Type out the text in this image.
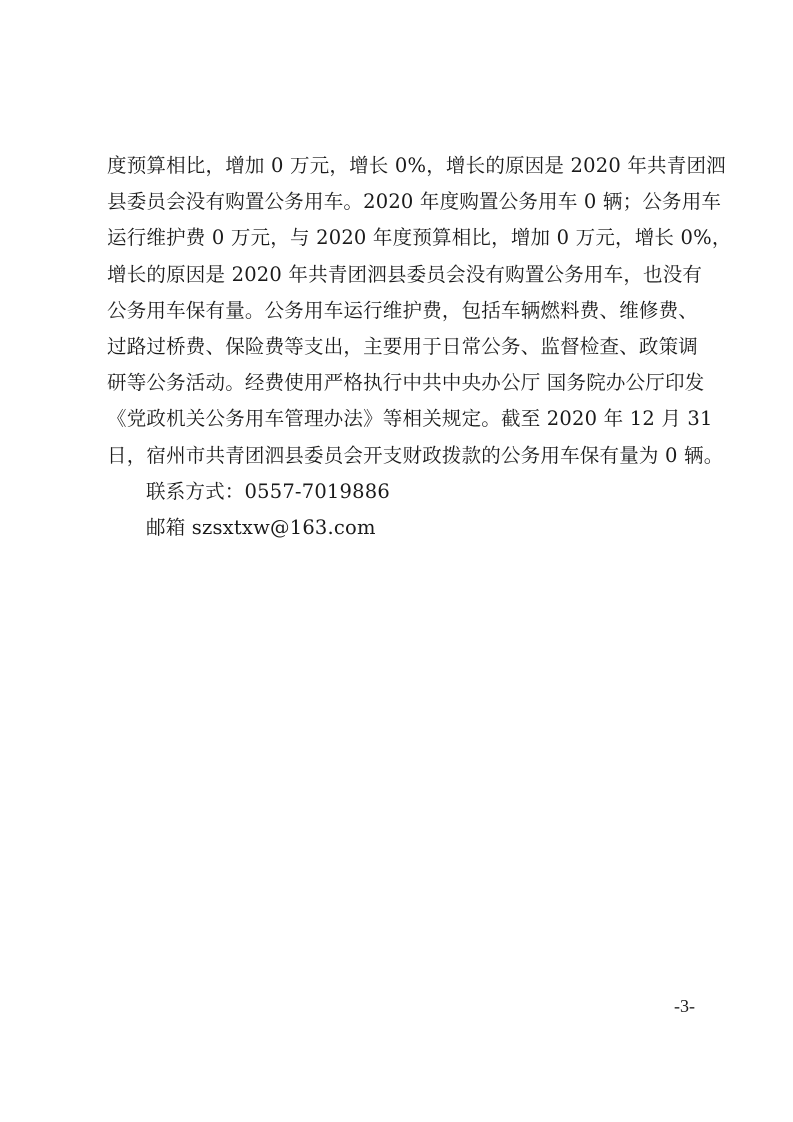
度预算相比，增加 0 万元，增长 0%，增长的原因是 2020 年共青团泗
县委员会没有购置公务用车。2020 年度购置公务用车 0 辆；公务用车
运行维护费 0 万元，与 2020 年度预算相比，增加 0 万元，增长 0%，
增长的原因是 2020 年共青团泗县委员会没有购置公务用车，也没有
公务用车保有量。公务用车运行维护费，包括车辆燃料费、维修费、
过路过桥费、保险费等支出，主要用于日常公务、监督检查、政策调
研等公务活动。经费使用严格执行中共中央办公厅 国务院办公厅印发
《党政机关公务用车管理办法》等相关规定。截至 2020 年 12 月 31
日，宿州市共青团泗县委员会开支财政拨款的公务用车保有量为 0 辆。
联系方式：0557-7019886
邮箱 szsxtxw@163.com
-3-
